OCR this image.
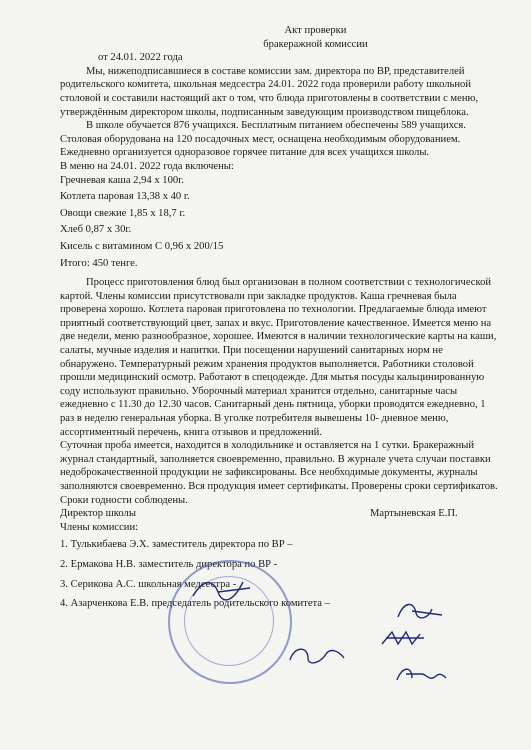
Акт проверки
бракеражной комиссии
от 24.01. 2022 года

Мы, нижеподписавшиеся в составе комиссии зам. директора по ВР, представителей родительского комитета, школьная медсестра 24.01. 2022 года проверили работу школьной столовой и составили настоящий акт о том, что блюда приготовлены в соответствии с меню, утверждённым директором школы, подписанным заведующим производством пищеблока.

В школе обучается 876 учащихся. Бесплатным питанием обеспечены 589 учащихся. Столовая оборудована на 120 посадочных мест, оснащена необходимым оборудованием. Ежедневно организуется одноразовое горячее питание для всех учащихся школы.

В меню на 24.01. 2022 года включены:

Гречневая каша 2,94 х 100г.

Котлета паровая 13,38 х 40 г.

Овощи свежие 1,85 х 18,7 г.

Хлеб 0,87 х 30г.

Кисель с витамином С 0,96 х 200/15

Итого: 450 тенге.

Процесс приготовления блюд был организован в полном соответствии с технологической картой. Члены комиссии присутствовали при закладке продуктов. Каша гречневая была проверена хорошо. Котлета паровая приготовлена по технологии. Предлагаемые блюда имеют приятный соответствующий цвет, запах и вкус. Приготовление качественное. Имеется меню на две недели, меню разнообразное, хорошее. Имеются в наличии технологические карты на каши, салаты, мучные изделия и напитки. При посещении нарушений санитарных норм не обнаружено. Температурный режим хранения продуктов выполняется. Работники столовой прошли медицинский осмотр. Работают в спецодежде. Для мытья посуды кальцинированную соду используют правильно. Уборочный материал хранится отдельно, санитарные часы ежедневно с 11.30 до 12.30 часов. Санитарный день пятница, уборки проводятся ежедневно, 1 раз в неделю генеральная уборка. В уголке потребителя вывешены 10- дневное меню, ассортиментный перечень, книга отзывов и предложений.

Суточная проба имеется, находится в холодильнике и оставляется на 1 сутки. Бракеражный журнал стандартный, заполняется своевременно, правильно. В журнале учета случаи поставки недоброкачественной продукции не зафиксированы. Все необходимые документы, журналы заполняются своевременно. Вся продукция имеет сертификаты. Проверены сроки сертификатов. Сроки годности соблюдены.

Директор школы	Мартыневская Е.П.

Члены комиссии:

1. Тулькибаева Э.Х. заместитель директора по ВР –

2. Ермакова Н.В. заместитель директора по ВР -

3. Серикова А.С. школьная медсестра -

4. Азарченкова Е.В. председатель родительского комитета –
